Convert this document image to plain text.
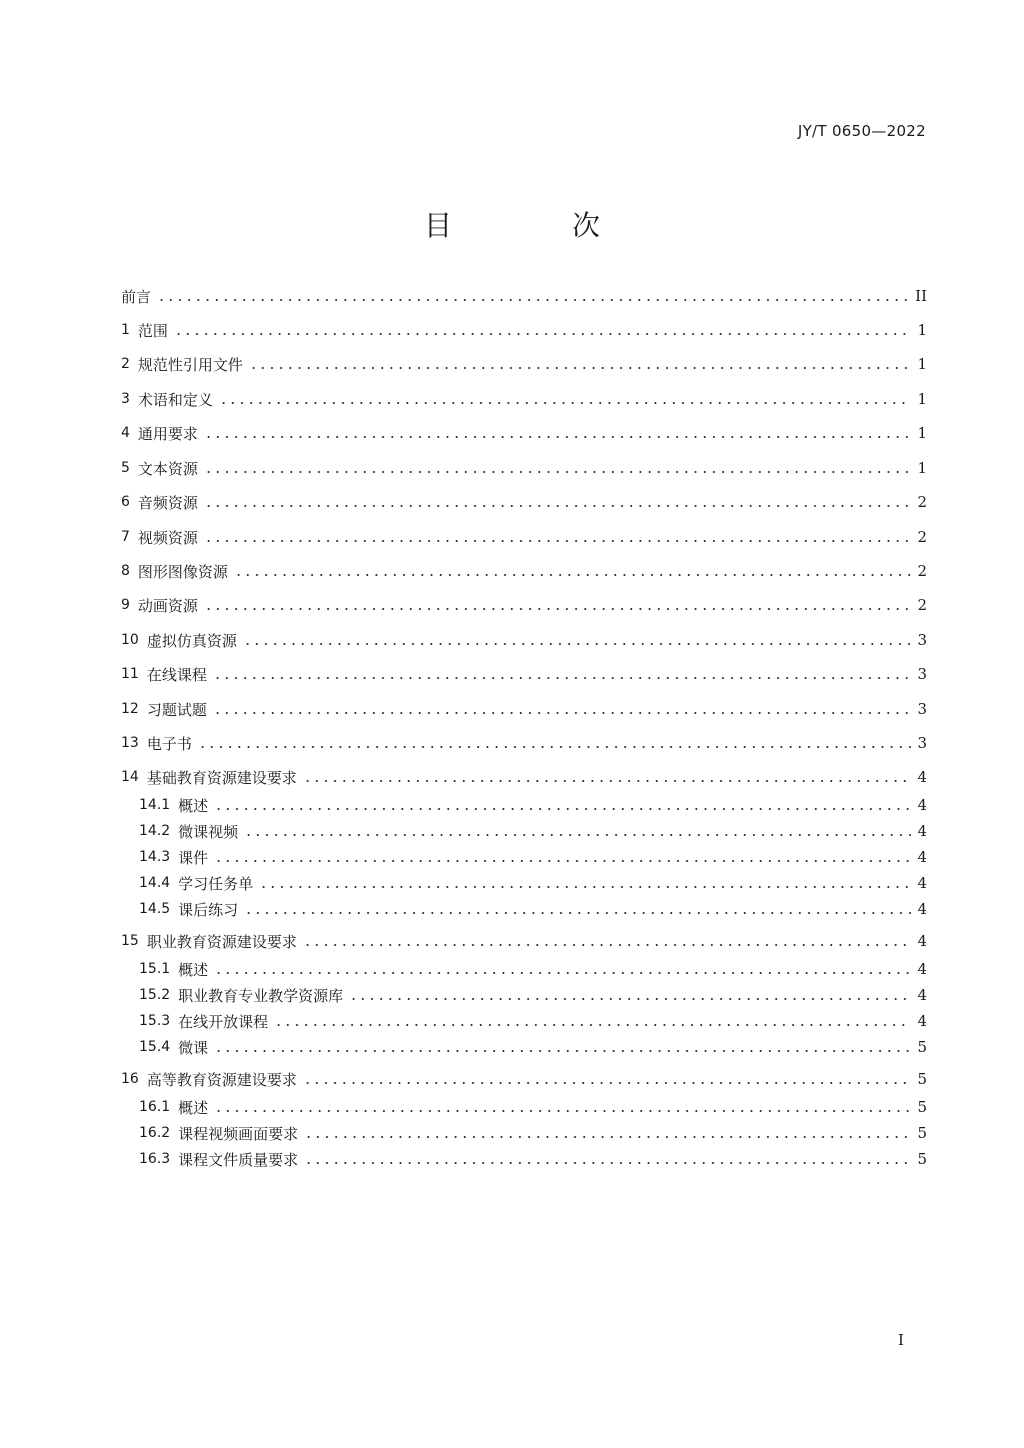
JY/T 0650—2022
目　次
前言	II
1 范围	1
2 规范性引用文件	1
3 术语和定义	1
4 通用要求	1
5 文本资源	1
6 音频资源	2
7 视频资源	2
8 图形图像资源	2
9 动画资源	2
10 虚拟仿真资源	3
11 在线课程	3
12 习题试题	3
13 电子书	3
14 基础教育资源建设要求	4
14.1 概述	4
14.2 微课视频	4
14.3 课件	4
14.4 学习任务单	4
14.5 课后练习	4
15 职业教育资源建设要求	4
15.1 概述	4
15.2 职业教育专业教学资源库	4
15.3 在线开放课程	4
15.4 微课	5
16 高等教育资源建设要求	5
16.1 概述	5
16.2 课程视频画面要求	5
16.3 课程文件质量要求	5
I
